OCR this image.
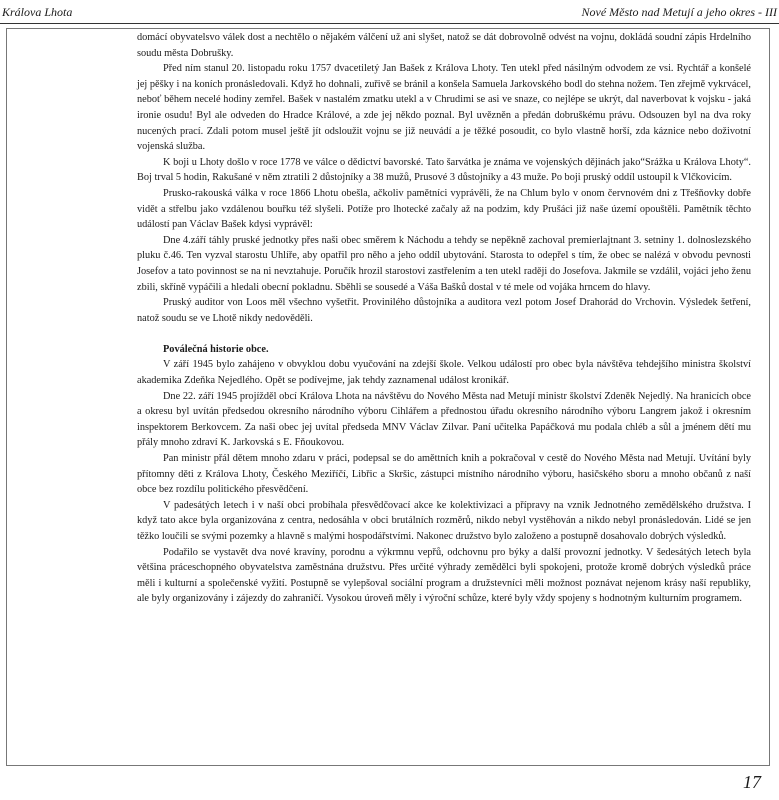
Králova Lhota	Nové Město nad Metují a jeho okres - III

domácí obyvatelsvo válek dost a nechtělo o nějakém válčení už ani slyšet, natož se dát dobrovolně odvést na vojnu, dokládá soudní zápis Hrdelního soudu města Dobrušky.

Před ním stanul 20. listopadu roku 1757 dvacetiletý Jan Bašek z Králova Lhoty. Ten utekl před násilným odvodem ze vsi. Rychtář a konšelé jej pěšky i na koních pronásledovali. Když ho dohnali, zuřivě se bránil a konšela Samuela Jarkovského bodl do stehna nožem. Ten zřejmě vykrvácel, neboť během necelé hodiny zemřel. Bašek v nastalém zmatku utekl a v Chrudimi se asi ve snaze, co nejlépe se ukrýt, dal naverbovat k vojsku - jaká ironie osudu! Byl ale odveden do Hradce Králové, a zde jej někdo poznal. Byl uvězněn a předán dobruškému právu. Odsouzen byl na dva roky nucených prací. Zdali potom musel ještě jít odsloužit vojnu se již neuvádí a je těžké posoudit, co bylo vlastně horší, zda káznice nebo doživotní vojenská služba.

K boji u Lhoty došlo v roce 1778 ve válce o dědictví bavorské. Tato šarvátka je známa ve vojenských dějinách jako“Srážka u Králova Lhoty“. Boj trval 5 hodin, Rakušané v něm ztratili 2 důstojníky a 38 mužů, Prusové 3 důstojníky a 43 muže. Po boji pruský oddíl ustoupil k Vlčkovicím.

Prusko-rakouská válka v roce 1866 Lhotu obešla, ačkoliv pamětníci vyprávěli, že na Chlum bylo v onom červnovém dni z Třešňovky dobře vidět a střelbu jako vzdálenou bouřku též slyšeli. Potíže pro lhotecké začaly až na podzim, kdy Prušáci již naše území opouštěli. Pamětník těchto událostí pan Václav Bašek kdysi vyprávěl:

Dne 4.září táhly pruské jednotky přes naši obec směrem k Náchodu a tehdy se nepěkně zachoval premierlajtnant 3. setniny 1. dolnoslezského pluku č.46. Ten vyzval starostu Uhlíře, aby opatřil pro něho a jeho oddíl ubytování. Starosta to odepřel s tím, že obec se nalézá v obvodu pevnosti Josefov a tato povinnost se na ni nevztahuje. Poručík hrozil starostovi zastřelením a ten utekl raději do Josefova. Jakmile se vzdálil, vojáci jeho ženu zbili, skříně vypáčili a hledali obecní pokladnu. Sběhli se sousedé a Váša Bašků dostal v té mele od vojáka hrncem do hlavy.

Pruský auditor von Loos měl všechno vyšetřit. Provinilého důstojníka a auditora vezl potom Josef Drahorád do Vrchovin. Výsledek šetření, natož soudu se ve Lhotě nikdy nedověděli.

Poválečná historie obce.

V září 1945 bylo zahájeno v obvyklou dobu vyučování na zdejší škole. Velkou událostí pro obec byla návštěva tehdejšího ministra školství akademika Zdeňka Nejedlého. Opět se podívejme, jak tehdy zaznamenal událost kronikář.

Dne 22. září 1945 projížděl obcí Králova Lhota na návštěvu do Nového Města nad Metují ministr školství Zdeněk Nejedlý. Na hranicích obce a okresu byl uvítán předsedou okresního národního výboru Cihlářem a přednostou úřadu okresního národního výboru Langrem jakož i okresním inspektorem Berkovcem. Za naši obec jej uvítal předseda MNV Václav Zilvar. Paní učitelka Papáčková mu podala chléb a sůl a jménem dětí mu přály mnoho zdraví K. Jarkovská s E. Fňoukovou.

Pan ministr přál dětem mnoho zdaru v práci, podepsal se do aměttních knih a pokračoval v cestě do Nového Města nad Metují. Uvítání byly přítomny děti z Králova Lhoty, Českého Meziříčí, Libřic a Skršic, zástupci místního národního výboru, hasičského sboru a mnoho občanů z naší obce bez rozdílu politického přesvědčení.

V padesátých letech i v naší obci probíhala přesvědčovací akce ke kolektivizaci a přípravy na vznik Jednotného zemědělského družstva. I když tato akce byla organizována z centra, nedosáhla v obci brutálních rozměrů, nikdo nebyl vystěhován a nikdo nebyl pronásledován. Lidé se jen těžko loučili se svými pozemky a hlavně s malými hospodářstvími. Nakonec družstvo bylo založeno a postupně dosahovalo dobrých výsledků.

Podařilo se vystavět dva nové kravíny, porodnu a výkrmnu vepřů, odchovnu pro býky a další provozní jednotky. V šedesátých letech byla většina práceschopného obyvatelstva zaměstnána družstvu. Přes určité výhrady zemědělci byli spokojeni, protože kromě dobrých výsledků práce měli i kulturní a společenské vyžití. Postupně se vylepšoval sociální program a družstevníci měli možnost poznávat nejenom krásy naší republiky, ale byly organizovány i zájezdy do zahraničí. Vysokou úroveň měly i výroční schůze, které byly vždy spojeny s hodnotným kulturním programem.

17
